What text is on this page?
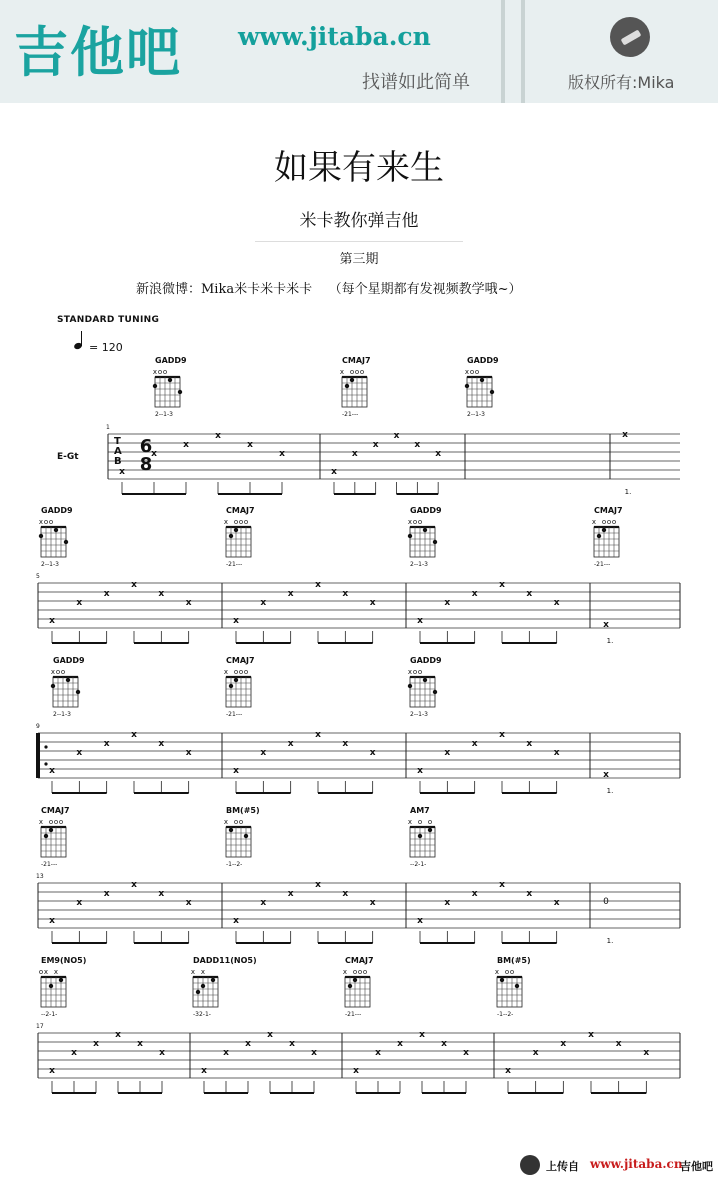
吉他吧 www.jitaba.cn
找谱如此简单	版权所有:Mika
如果有来生
米卡教你弹吉他
第三期
新浪微博：Mika米卡米卡米卡    （每个星期都有发视频教学哦~）
STANDARD TUNING
= 120
E-Gt
1
T
A
B
6
8
GADD9
x o o
2--1-3
CMAJ7
x o o o
-21---
GADD9
x o o
2--1-3
x
x
x
x
x
x
x
x
x
x
x
x
x
1.
5
GADD9
x o o
2--1-3
CMAJ7
x o o o
-21---
GADD9
x o o
2--1-3
CMAJ7
x o o o
-21---
x
x
x
x
x
x
x
x
x
x
x
x
x
x
x
x
x
x
x
1.
9
GADD9
x o o
2--1-3
CMAJ7
x o o o
-21---
GADD9
x o o
2--1-3
x
x
x
x
x
x
x
x
x
x
x
x
x
x
x
x
x
x
x
1.
13
CMAJ7
x o o o
-21---
BM(#5)
x o o
-1--2-
AM7
x o o
--2-1-
x
x
x
x
x
x
x
x
x
x
x
x
x
x
x
x
x
x	0
1.
17
EM9(NO5)
o x x
--2-1-
DADD11(NO5)
x x
-32-1-
CMAJ7
x o o o
-21---
BM(#5)
x o o
-1--2-
x
x
x
x
x
x
x
x
x
x
x
x
x
x
x
x
x
x
x
x
x
x
x
x
上传自 www.jitaba.cn
吉他吧
